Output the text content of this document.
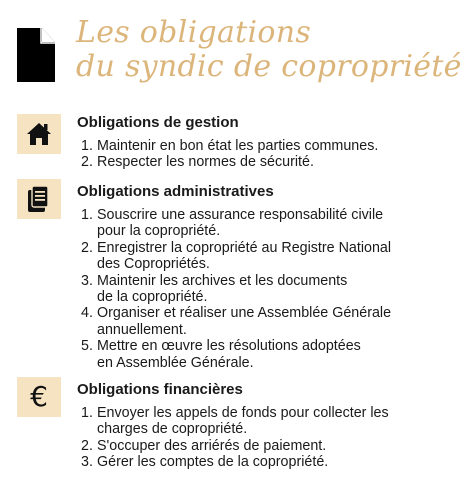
Les obligations
du syndic de copropriété
Obligations de gestion
1. Maintenir en bon état les parties communes.
2. Respecter les normes de sécurité.
Obligations administratives
1. Souscrire une assurance responsabilité civile
pour la copropriété.
2. Enregistrer la copropriété au Registre National
des Copropriétés.
3. Maintenir les archives et les documents
de la copropriété.
4. Organiser et réaliser une Assemblée Générale
annuellement.
5. Mettre en œuvre les résolutions adoptées
en Assemblée Générale.
€ Obligations financières
1. Envoyer les appels de fonds pour collecter les
charges de copropriété.
2. S'occuper des arriérés de paiement.
3. Gérer les comptes de la copropriété.
